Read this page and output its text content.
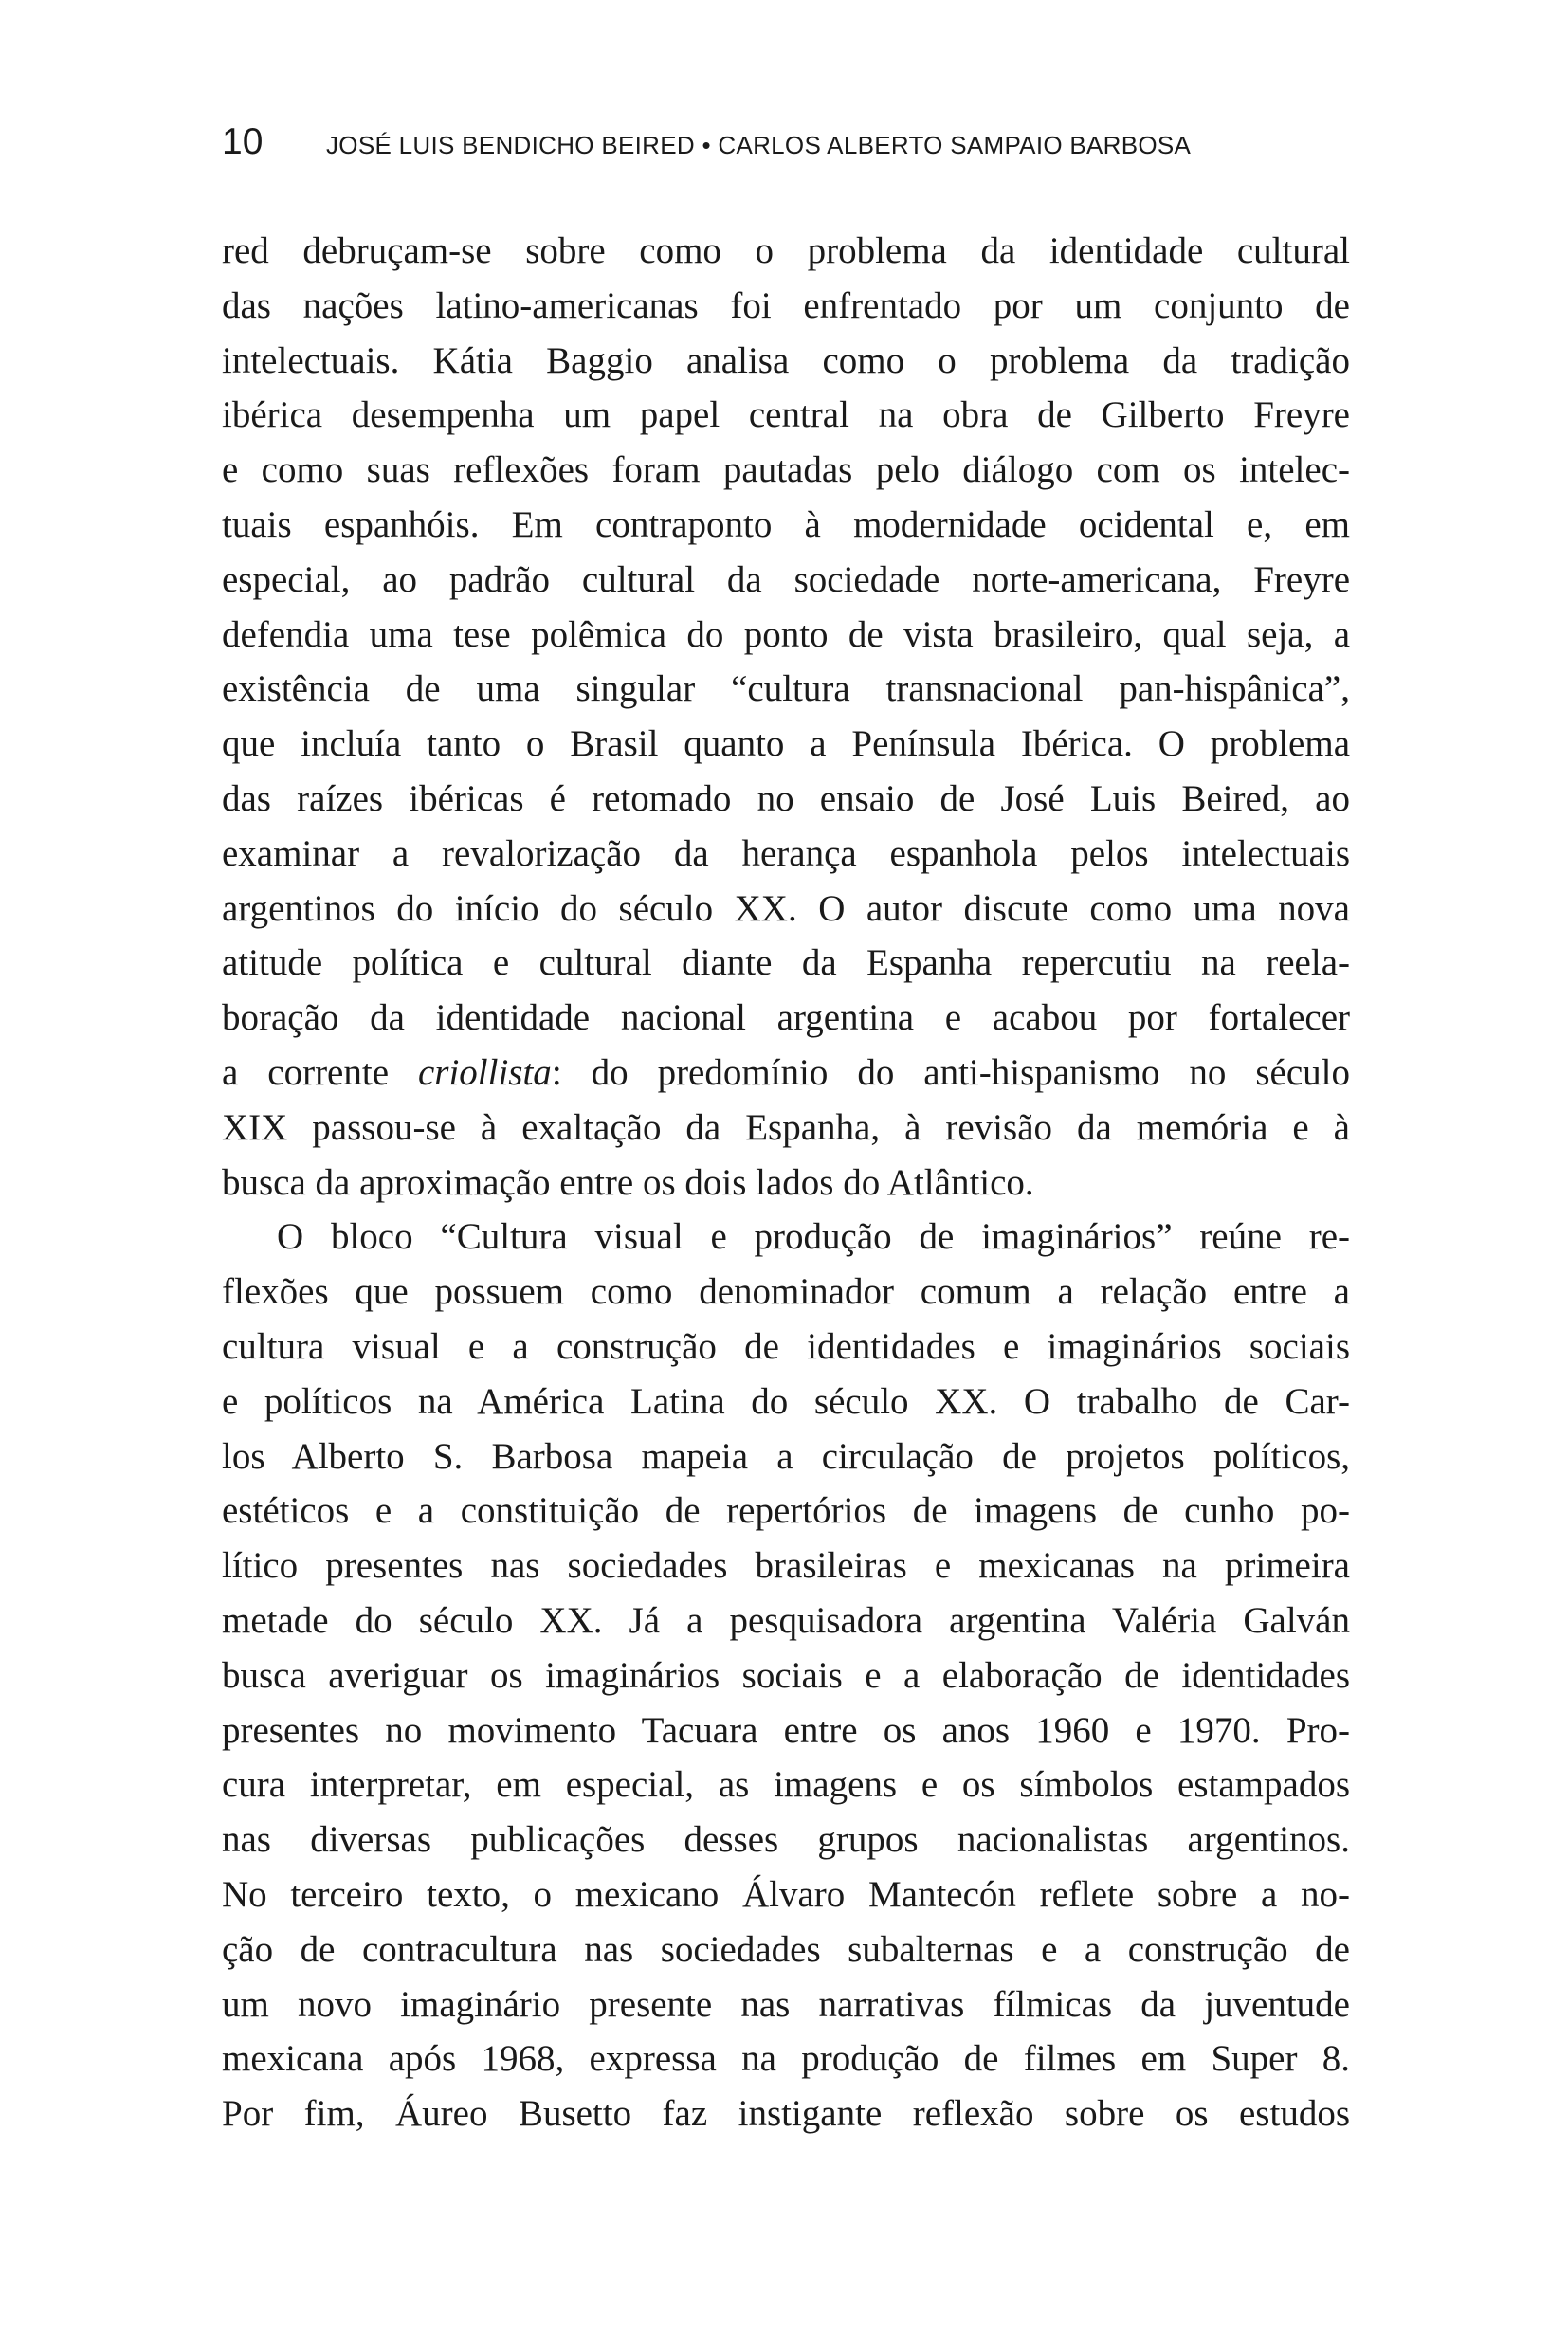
10	JOSÉ LUIS BENDICHO BEIRED • CARLOS ALBERTO SAMPAIO BARBOSA
red debruçam-se sobre como o problema da identidade cultural
das nações latino-americanas foi enfrentado por um conjunto de
intelectuais. Kátia Baggio analisa como o problema da tradição
ibérica desempenha um papel central na obra de Gilberto Freyre
e como suas reflexões foram pautadas pelo diálogo com os intelec-
tuais espanhóis. Em contraponto à modernidade ocidental e, em
especial, ao padrão cultural da sociedade norte-americana, Freyre
defendia uma tese polêmica do ponto de vista brasileiro, qual seja, a
existência de uma singular “cultura transnacional pan-hispânica”,
que incluía tanto o Brasil quanto a Península Ibérica. O problema
das raízes ibéricas é retomado no ensaio de José Luis Beired, ao
examinar a revalorização da herança espanhola pelos intelectuais
argentinos do início do século XX. O autor discute como uma nova
atitude política e cultural diante da Espanha repercutiu na reela-
boração da identidade nacional argentina e acabou por fortalecer
a corrente criollista: do predomínio do anti-hispanismo no século
XIX passou-se à exaltação da Espanha, à revisão da memória e à
busca da aproximação entre os dois lados do Atlântico.
O bloco “Cultura visual e produção de imaginários” reúne re-
flexões que possuem como denominador comum a relação entre a
cultura visual e a construção de identidades e imaginários sociais
e políticos na América Latina do século XX. O trabalho de Car-
los Alberto S. Barbosa mapeia a circulação de projetos políticos,
estéticos e a constituição de repertórios de imagens de cunho po-
lítico presentes nas sociedades brasileiras e mexicanas na primeira
metade do século XX. Já a pesquisadora argentina Valéria Galván
busca averiguar os imaginários sociais e a elaboração de identidades
presentes no movimento Tacuara entre os anos 1960 e 1970. Pro-
cura interpretar, em especial, as imagens e os símbolos estampados
nas diversas publicações desses grupos nacionalistas argentinos.
No terceiro texto, o mexicano Álvaro Mantecón reflete sobre a no-
ção de contracultura nas sociedades subalternas e a construção de
um novo imaginário presente nas narrativas fílmicas da juventude
mexicana após 1968, expressa na produção de filmes em Super 8.
Por fim, Áureo Busetto faz instigante reflexão sobre os estudos
